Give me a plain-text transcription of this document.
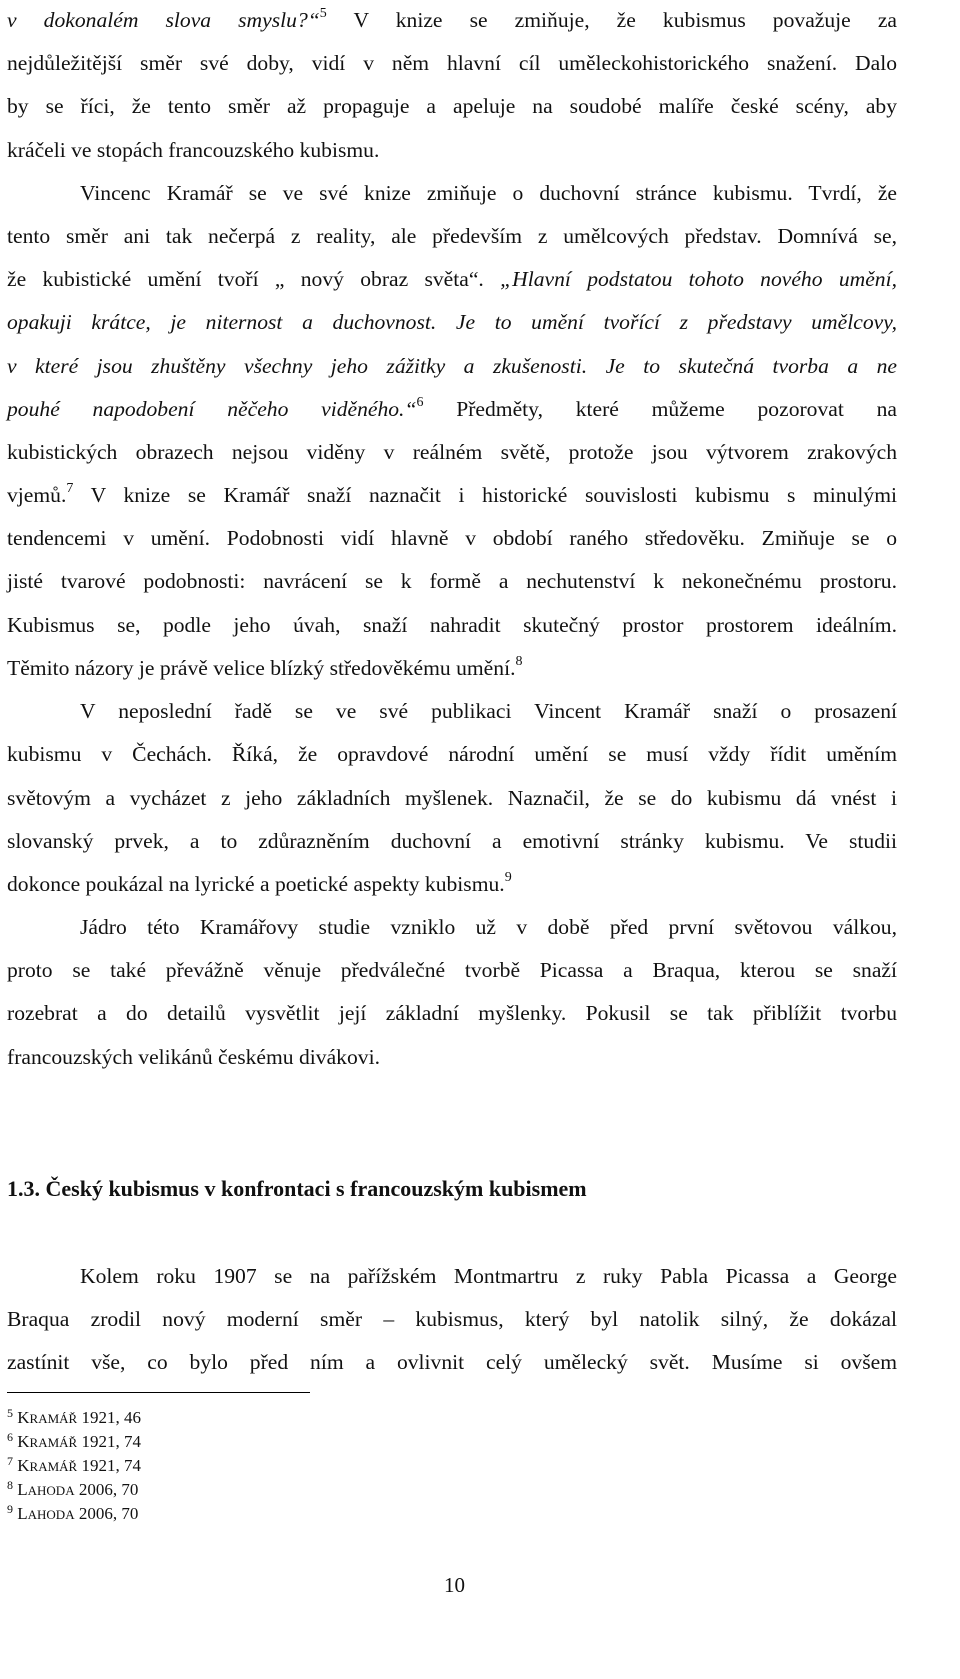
v dokonalém slova smyslu?“$^5$ V knize se zmiňuje, že kubismus považuje za
nejdůležitější směr své doby, vidí v něm hlavní cíl uměleckohistorického snažení. Dalo
by se říci, že tento směr až propaguje a apeluje na soudobé malíře české scény, aby
kráčeli ve stopách francouzského kubismu.
Vincenc Kramář se ve své knize zmiňuje o duchovní stránce kubismu. Tvrdí, že
tento směr ani tak nečerpá z reality, ale především z umělcových představ. Domnívá se,
že kubistické umění tvoří „ nový obraz světa“. „Hlavní podstatou tohoto nového umění,
opakuji krátce, je niternost a duchovnost. Je to umění tvořící z představy umělcovy,
v které jsou zhuštěny všechny jeho zážitky a zkušenosti. Je to skutečná tvorba a ne
pouhé napodobení něčeho viděného.“$^6$ Předměty, které můžeme pozorovat na
kubistických obrazech nejsou viděny v reálném světě, protože jsou výtvorem zrakových
vjemů.$^7$ V knize se Kramář snaží naznačit i historické souvislosti kubismu s minulými
tendencemi v umění. Podobnosti vidí hlavně v období raného středověku. Zmiňuje se o
jisté tvarové podobnosti: navrácení se k formě a nechutenství k nekonečnému prostoru.
Kubismus se, podle jeho úvah, snaží nahradit skutečný prostor prostorem ideálním.
Těmito názory je právě velice blízký středověkému umění.$^8$
V neposlední řadě se ve své publikaci Vincent Kramář snaží o prosazení
kubismu v Čechách. Říká, že opravdové národní umění se musí vždy řídit uměním
světovým a vycházet z jeho základních myšlenek. Naznačil, že se do kubismu dá vnést i
slovanský prvek, a to zdůrazněním duchovní a emotivní stránky kubismu. Ve studii
dokonce poukázal na lyrické a poetické aspekty kubismu.$^9$
Jádro této Kramářovy studie vzniklo už v době před první světovou válkou,
proto se také převážně věnuje předválečné tvorbě Picassa a Braqua, kterou se snaží
rozebrat a do detailů vysvětlit její základní myšlenky. Pokusil se tak přiblížit tvorbu
francouzských velikánů českému divákovi.
1.3. Český kubismus v konfrontaci s francouzským kubismem
Kolem roku 1907 se na pařížském Montmartru z ruky Pabla Picassa a George
Braqua zrodil nový moderní směr – kubismus, který byl natolik silný, že dokázal
zastínit vše, co bylo před ním a ovlivnit celý umělecký svět. Musíme si ovšem
$^5$ KRAMÁŘ 1921, 46
$^6$ KRAMÁŘ 1921, 74
$^7$ KRAMÁŘ 1921, 74
$^8$ LAHODA 2006, 70
$^9$ LAHODA 2006, 70
10
